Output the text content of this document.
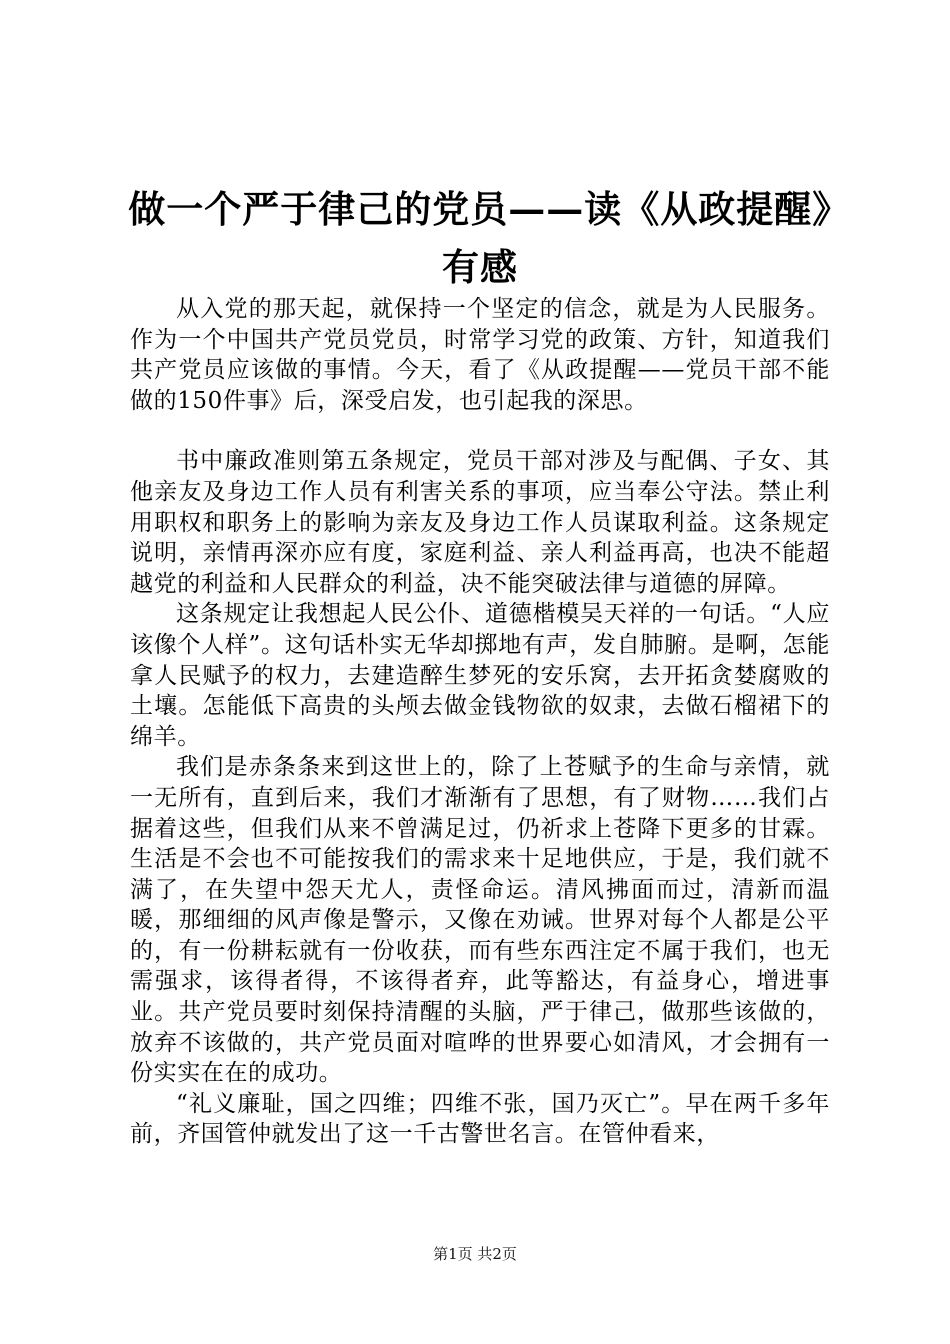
做一个严于律己的党员——读《从政提醒》有感

从入党的那天起，就保持一个坚定的信念，就是为人民服务。作为一个中国共产党员党员，时常学习党的政策、方针，知道我们共产党员应该做的事情。今天，看了《从政提醒——党员干部不能做的150件事》后，深受启发，也引起我的深思。

书中廉政准则第五条规定，党员干部对涉及与配偶、子女、其他亲友及身边工作人员有利害关系的事项，应当奉公守法。禁止利用职权和职务上的影响为亲友及身边工作人员谋取利益。这条规定说明，亲情再深亦应有度，家庭利益、亲人利益再高，也决不能超越党的利益和人民群众的利益，决不能突破法律与道德的屏障。

这条规定让我想起人民公仆、道德楷模吴天祥的一句话。“人应该像个人样”。这句话朴实无华却掷地有声，发自肺腑。是啊，怎能拿人民赋予的权力，去建造醉生梦死的安乐窝，去开拓贪婪腐败的土壤。怎能低下高贵的头颅去做金钱物欲的奴隶，去做石榴裙下的绵羊。

我们是赤条条来到这世上的，除了上苍赋予的生命与亲情，就一无所有，直到后来，我们才渐渐有了思想，有了财物……我们占据着这些，但我们从来不曾满足过，仍祈求上苍降下更多的甘霖。生活是不会也不可能按我们的需求来十足地供应，于是，我们就不满了，在失望中怨天尤人，责怪命运。清风拂面而过，清新而温暖，那细细的风声像是警示，又像在劝诫。世界对每个人都是公平的，有一份耕耘就有一份收获，而有些东西注定不属于我们，也无需强求，该得者得，不该得者弃，此等豁达，有益身心，增进事业。共产党员要时刻保持清醒的头脑，严于律己，做那些该做的，放弃不该做的，共产党员面对喧哗的世界要心如清风，才会拥有一份实实在在的成功。

“礼义廉耻，国之四维；四维不张，国乃灭亡”。早在两千多年前，齐国管仲就发出了这一千古警世名言。在管仲看来，

第1页 共2页
